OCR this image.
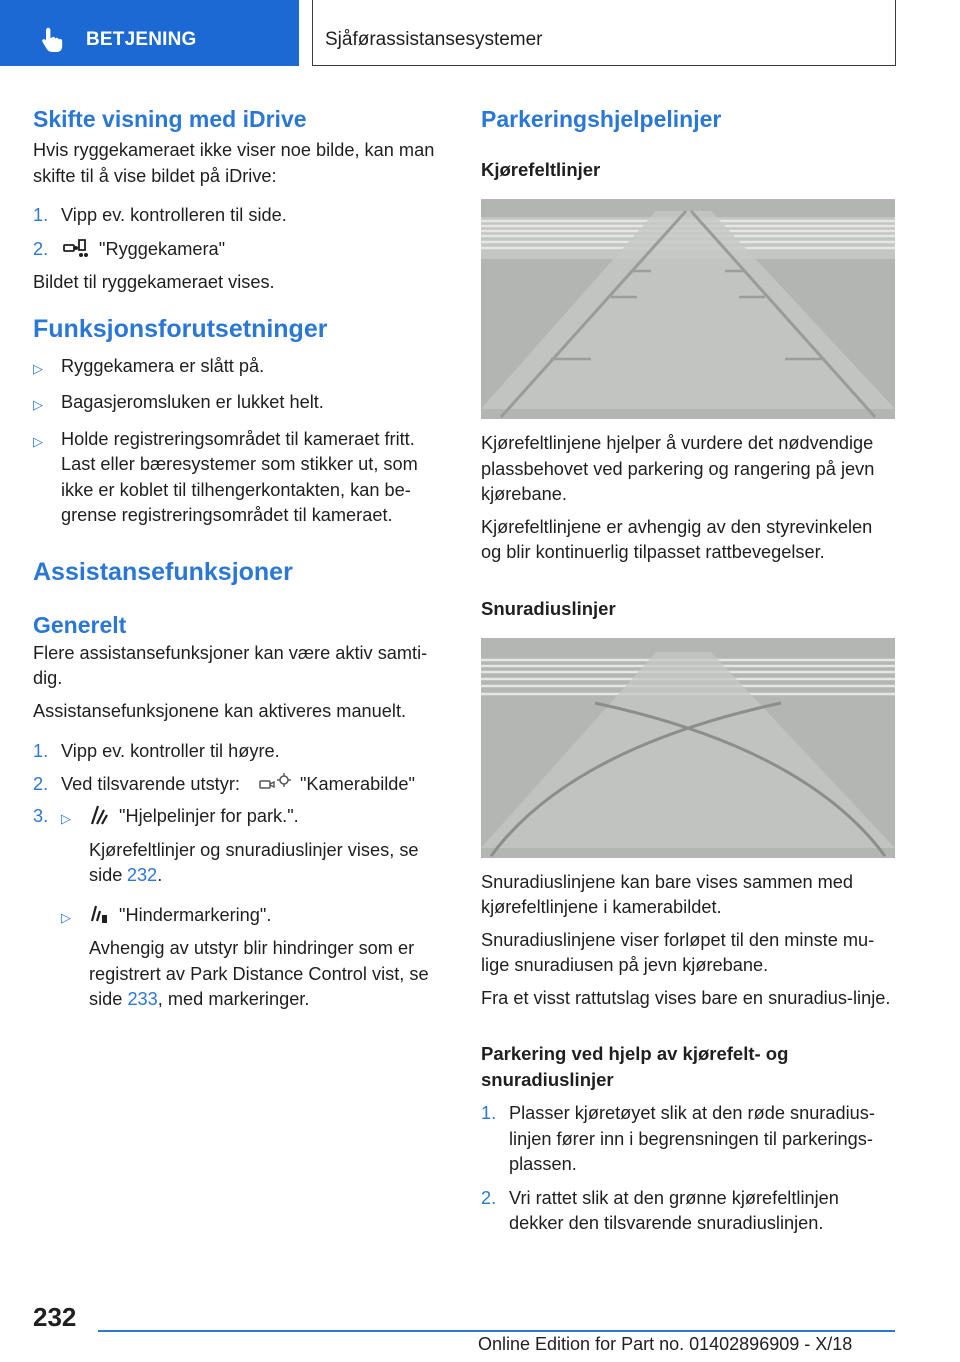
BETJENING	Sjåførassistansesystemer
Skifte visning med iDrive

Hvis ryggekameraet ikke viser noe bilde, kan man skifte til å vise bildet på iDrive:

1. Vipp ev. kontrolleren til side.
2.	"Ryggekamera"

Bildet til ryggekameraet vises.

Funksjonsforutsetninger
▷ Ryggekamera er slått på.
▷ Bagasjeromsluken er lukket helt.
▷ Holde registreringsområdet til kameraet fritt. Last eller bæresystemer som stikker ut, som ikke er koblet til tilhengerkontakten, kan be-grense registreringsområdet til kameraet.
Assistansefunksjoner
Generelt

Flere assistansefunksjoner kan være aktiv samti-dig.

Assistansefunksjonene kan aktiveres manuelt.

1. Vipp ev. kontroller til høyre.
2. Ved tilsvarende utstyr:	"Kamerabilde"
3. ▷	"Hjelpelinjer for park.".
Kjørefeltlinjer og snuradiuslinjer vises, se side 232.
▷	"Hindermarkering".
Avhengig av utstyr blir hindringer som er registrert av Park Distance Control vist, se side 233, med markeringer.
Parkeringshjelpelinjer
Kjørefeltlinjer

Kjørefeltlinjene hjelper å vurdere det nødvendige plassbehovet ved parkering og rangering på jevn kjørebane.

Kjørefeltlinjene er avhengig av den styrevinkelen og blir kontinuerlig tilpasset rattbevegelser.

Snuradiuslinjer

Snuradiuslinjene kan bare vises sammen med kjørefeltlinjene i kamerabildet.

Snuradiuslinjene viser forløpet til den minste mu-lige snuradiusen på jevn kjørebane.

Fra et visst rattutslag vises bare en snuradius-linje.

Parkering ved hjelp av kjørefelt- og snuradiuslinjer
1. Plasser kjøretøyet slik at den røde snuradius-linjen fører inn i begrensningen til parkerings-plassen.
2. Vri rattet slik at den grønne kjørefeltlinjen dekker den tilsvarende snuradiuslinjen.
232
Online Edition for Part no. 01402896909 - X/18
